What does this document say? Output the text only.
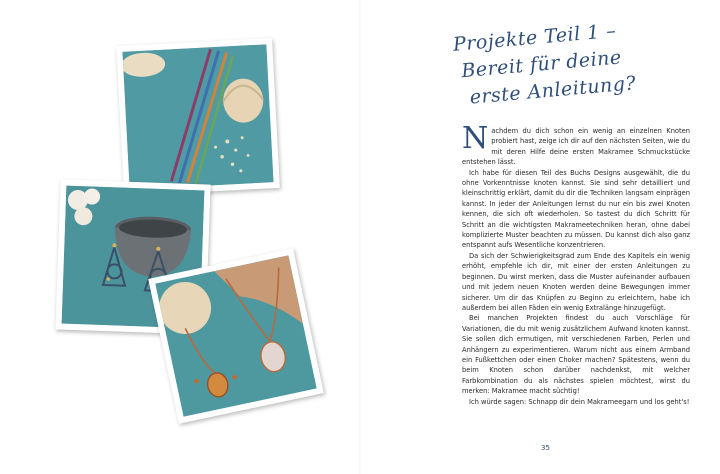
Projekte Teil 1 –
Bereit für deine
erste Anleitung?

Nachdem du dich schon ein wenig an einzelnen Knoten probiert hast, zeige ich dir auf den nächsten Seiten, wie du mit deren Hilfe deine ersten Makramee Schmuckstücke entstehen lässt.

Ich habe für diesen Teil des Buchs Designs ausgewählt, die du ohne Vorkenntnisse knoten kannst. Sie sind sehr detailliert und kleinschrittig erklärt, damit du dir die Techniken langsam einprägen kannst. In jeder der Anleitungen lernst du nur ein bis zwei Knoten kennen, die sich oft wiederholen. So tastest du dich Schritt für Schritt an die wichtigsten Makrameetechniken heran, ohne dabei komplizierte Muster beachten zu müssen. Du kannst dich also ganz entspannt aufs Wesentliche konzentrieren.

Da sich der Schwierigkeitsgrad zum Ende des Kapitels ein wenig erhöht, empfehle ich dir, mit einer der ersten Anleitungen zu beginnen. Du wirst merken, dass die Muster aufeinander aufbauen und mit jedem neuen Knoten werden deine Bewegungen immer sicherer. Um dir das Knüpfen zu Beginn zu erleichtern, habe ich außerdem bei allen Fäden ein wenig Extralänge hinzugefügt.

Bei manchen Projekten findest du auch Vorschläge für Variationen, die du mit wenig zusätzlichem Aufwand knoten kannst. Sie sollen dich ermutigen, mit verschiedenen Farben, Perlen und Anhängern zu experimentieren. Warum nicht aus einem Armband ein Fußkettchen oder einen Choker machen? Spätestens, wenn du beim Knoten schon darüber nachdenkst, mit welcher Farbkombination du als nächstes spielen möchtest, wirst du merken: Makramee macht süchtig!

Ich würde sagen: Schnapp dir dein Makrameegarn und los geht's!

35
